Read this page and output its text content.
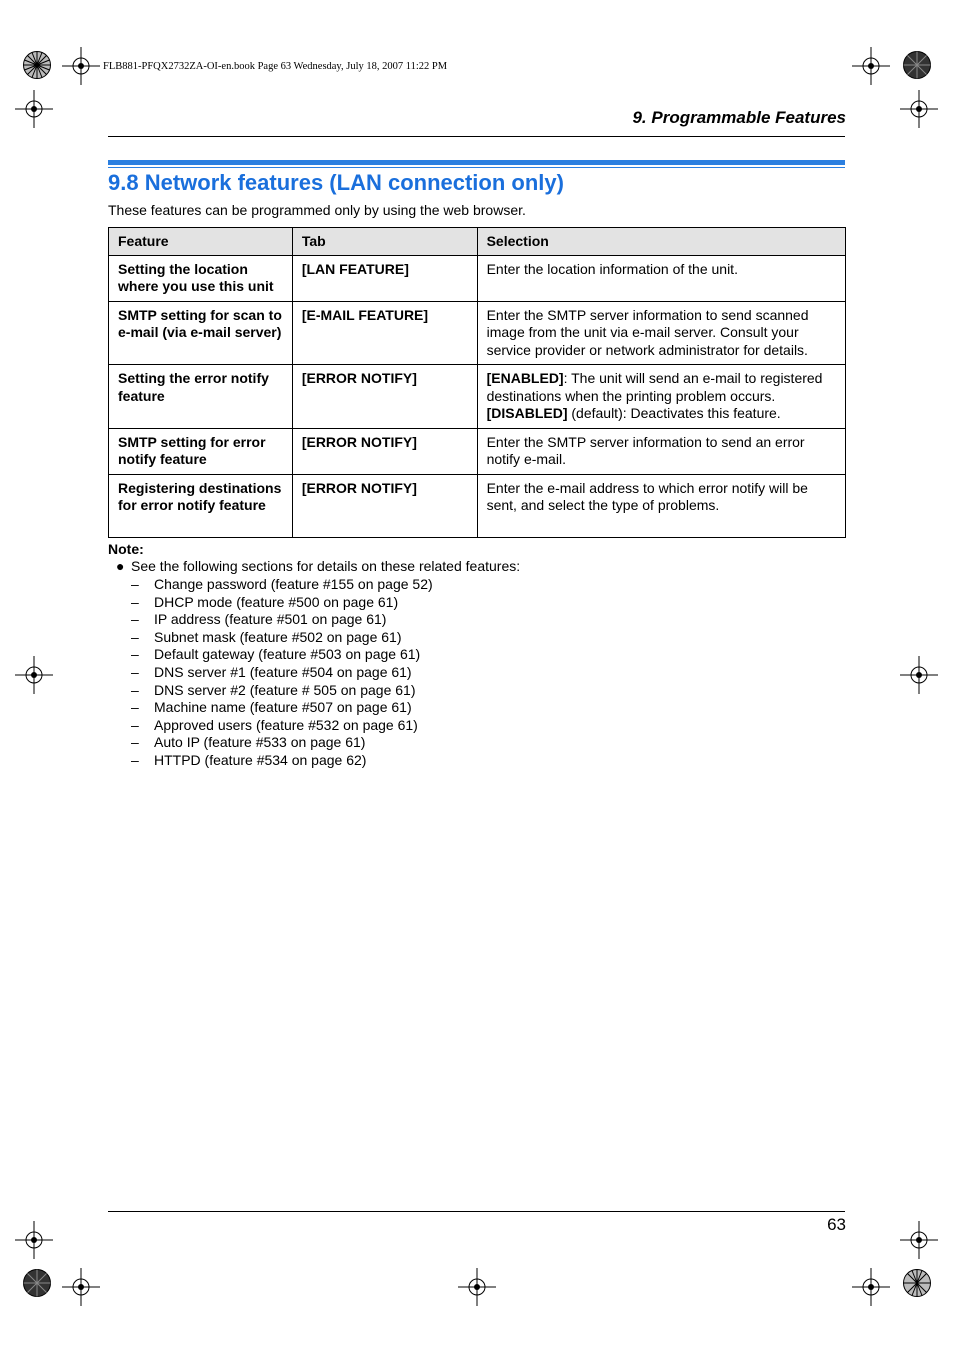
FLB881-PFQX2732ZA-OI-en.book Page 63 Wednesday, July 18, 2007 11:22 PM
9. Programmable Features
9.8 Network features (LAN connection only)
These features can be programmed only by using the web browser.
Feature	Tab	Selection
Setting the location where you use this unit	[LAN FEATURE]	Enter the location information of the unit.
SMTP setting for scan to e-mail (via e-mail server)	[E-MAIL FEATURE]	Enter the SMTP server information to send scanned image from the unit via e-mail server. Consult your service provider or network administrator for details.
Setting the error notify feature	[ERROR NOTIFY]	[ENABLED]: The unit will send an e-mail to registered destinations when the printing problem occurs.
[DISABLED] (default): Deactivates this feature.
SMTP setting for error notify feature	[ERROR NOTIFY]	Enter the SMTP server information to send an error notify e-mail.
Registering destinations for error notify feature	[ERROR NOTIFY]	Enter the e-mail address to which error notify will be sent, and select the type of problems.
Note:
● See the following sections for details on these related features:
– Change password (feature #155 on page 52)
– DHCP mode (feature #500 on page 61)
– IP address (feature #501 on page 61)
– Subnet mask (feature #502 on page 61)
– Default gateway (feature #503 on page 61)
– DNS server #1 (feature #504 on page 61)
– DNS server #2 (feature # 505 on page 61)
– Machine name (feature #507 on page 61)
– Approved users (feature #532 on page 61)
– Auto IP (feature #533 on page 61)
– HTTPD (feature #534 on page 62)
63
